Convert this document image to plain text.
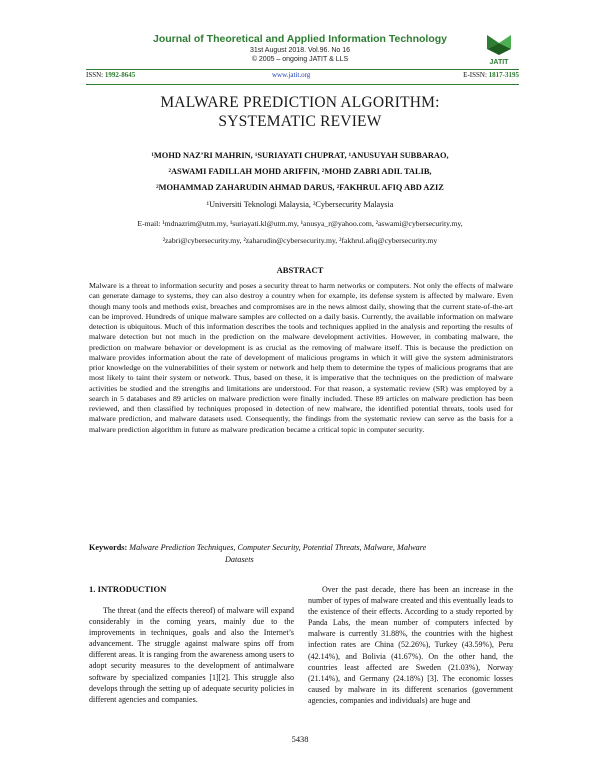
Journal of Theoretical and Applied Information Technology
31st August 2018. Vol.96. No 16
© 2005 – ongoing JATIT & LLS	JATIT
ISSN: 1992-8645	www.jatit.org	E-ISSN: 1817-3195
MALWARE PREDICTION ALGORITHM:
SYSTEMATIC REVIEW
¹MOHD NAZ’RI MAHRIN, ¹SURIAYATI CHUPRAT, ¹ANUSUYAH SUBBARAO,
²ASWAMI FADILLAH MOHD ARIFFIN, ²MOHD ZABRI ADIL TALIB,
²MOHAMMAD ZAHARUDIN AHMAD DARUS, ²FAKHRUL AFIQ ABD AZIZ
¹Universiti Teknologi Malaysia, ²Cybersecurity Malaysia
E-mail: ¹mdnazrim@utm.my, ¹suriayati.kl@utm.my, ¹anusya_r@yahoo.com, ²aswami@cybersecurity.my,
²zabri@cybersecurity.my, ²zaharudin@cybersecurity.my, ²fakhrul.afiq@cybersecurity.my
ABSTRACT
Malware is a threat to information security and poses a security threat to harm networks or computers. Not only the effects of malware can generate damage to systems, they can also destroy a country when for example, its defense system is affected by malware. Even though many tools and methods exist, breaches and compromises are in the news almost daily, showing that the current state-of-the-art can be improved. Hundreds of unique malware samples are collected on a daily basis. Currently, the available information on malware detection is ubiquitous. Much of this information describes the tools and techniques applied in the analysis and reporting the results of malware detection but not much in the prediction on the malware development activities. However, in combating malware, the prediction on malware behavior or development is as crucial as the removing of malware itself. This is because the prediction on malware provides information about the rate of development of malicious programs in which it will give the system administrators prior knowledge on the vulnerabilities of their system or network and help them to determine the types of malicious programs that are most likely to taint their system or network. Thus, based on these, it is imperative that the techniques on the prediction of malware activities be studied and the strengths and limitations are understood. For that reason, a systematic review (SR) was employed by a search in 5 databases and 89 articles on malware prediction were finally included. These 89 articles on malware prediction has been reviewed, and then classified by techniques proposed in detection of new malware, the identified potential threats, tools used for malware prediction, and malware datasets used. Consequently, the findings from the systematic review can serve as the basis for a malware prediction algorithm in future as malware predication became a critical topic in computer security.
Keywords: Malware Prediction Techniques, Computer Security, Potential Threats, Malware, Malware
Datasets
1. INTRODUCTION
The threat (and the effects thereof) of malware will expand considerably in the coming years, mainly due to the improvements in techniques, goals and also the Internet’s advancement. The struggle against malware spins off from different areas. It is ranging from the awareness among users to adopt security measures to the development of antimalware software by specialized companies [1][2]. This struggle also develops through the setting up of adequate security policies in different agencies and companies.
Over the past decade, there has been an increase in the number of types of malware created and this eventually leads to the existence of their effects. According to a study reported by Panda Labs, the mean number of computers infected by malware is currently 31.88%, the countries with the highest infection rates are China (52.26%), Turkey (43.59%), Peru (42.14%), and Bolivia (41.67%). On the other hand, the countries least affected are Sweden (21.03%), Norway (21.14%), and Germany (24.18%) [3]. The economic losses caused by malware in its different scenarios (government agencies, companies and individuals) are huge and
5438
